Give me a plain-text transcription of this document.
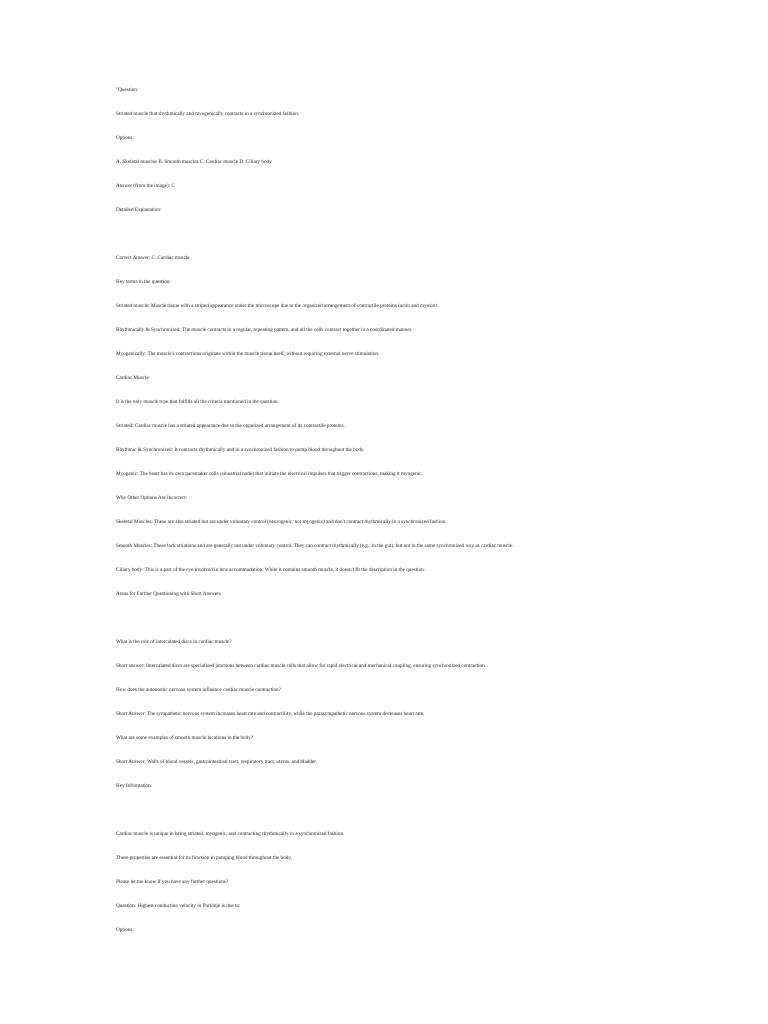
"Question:
Striated muscle that rhythmically and myogenically contracts in a synchronized fashion.
Options:
A. Skeletal muscles B. Smooth muscles C. Cardiac muscle D. Ciliary body
Answer (from the image): C
Detailed Explanation:
Correct Answer: C. Cardiac muscle
Key terms in the question:
Striated muscle: Muscle tissue with a striped appearance under the microscope due to the organized arrangement of contractile proteins (actin and myosin).
Rhythmically & Synchronized: The muscle contracts in a regular, repeating pattern, and all the cells contract together in a coordinated manner.
Myogenically: The muscle's contractions originate within the muscle tissue itself, without requiring external nerve stimulation.
Cardiac Muscle:
It is the only muscle type that fulfills all the criteria mentioned in the question.
Striated: Cardiac muscle has a striated appearance due to the organized arrangement of its contractile proteins.
Rhythmic & Synchronized: It contracts rhythmically and in a synchronized fashion to pump blood throughout the body.
Myogenic: The heart has its own pacemaker cells (sinoatrial node) that initiate the electrical impulses that trigger contractions, making it myogenic.
Why Other Options Are Incorrect:
Skeletal Muscles: These are also striated but are under voluntary control (neurogenic, not myogenic) and don't contract rhythmically in a synchronized fashion.
Smooth Muscles: These lack striations and are generally not under voluntary control. They can contract rhythmically (e.g., in the gut), but not in the same synchronized way as cardiac muscle.
Ciliary body: This is a part of the eye involved in lens accommodation. While it contains smooth muscle, it doesn't fit the description in the question.
Areas for Further Questioning with Short Answers
What is the role of intercalated discs in cardiac muscle?
Short answer: Intercalated discs are specialized junctions between cardiac muscle cells that allow for rapid electrical and mechanical coupling, ensuring synchronized contraction.
How does the autonomic nervous system influence cardiac muscle contraction?
Short Answer: The sympathetic nervous system increases heart rate and contractility, while the parasympathetic nervous system decreases heart rate.
What are some examples of smooth muscle locations in the body?
Short Answer: Walls of blood vessels, gastrointestinal tract, respiratory tract, uterus, and bladder.
Key Information:
Cardiac muscle is unique in being striated, myogenic, and contracting rhythmically in a synchronized fashion.
These properties are essential for its function in pumping blood throughout the body.
Please let me know if you have any further questions?
Question: Highest conduction velocity in Purkinje is due to:
Options:
